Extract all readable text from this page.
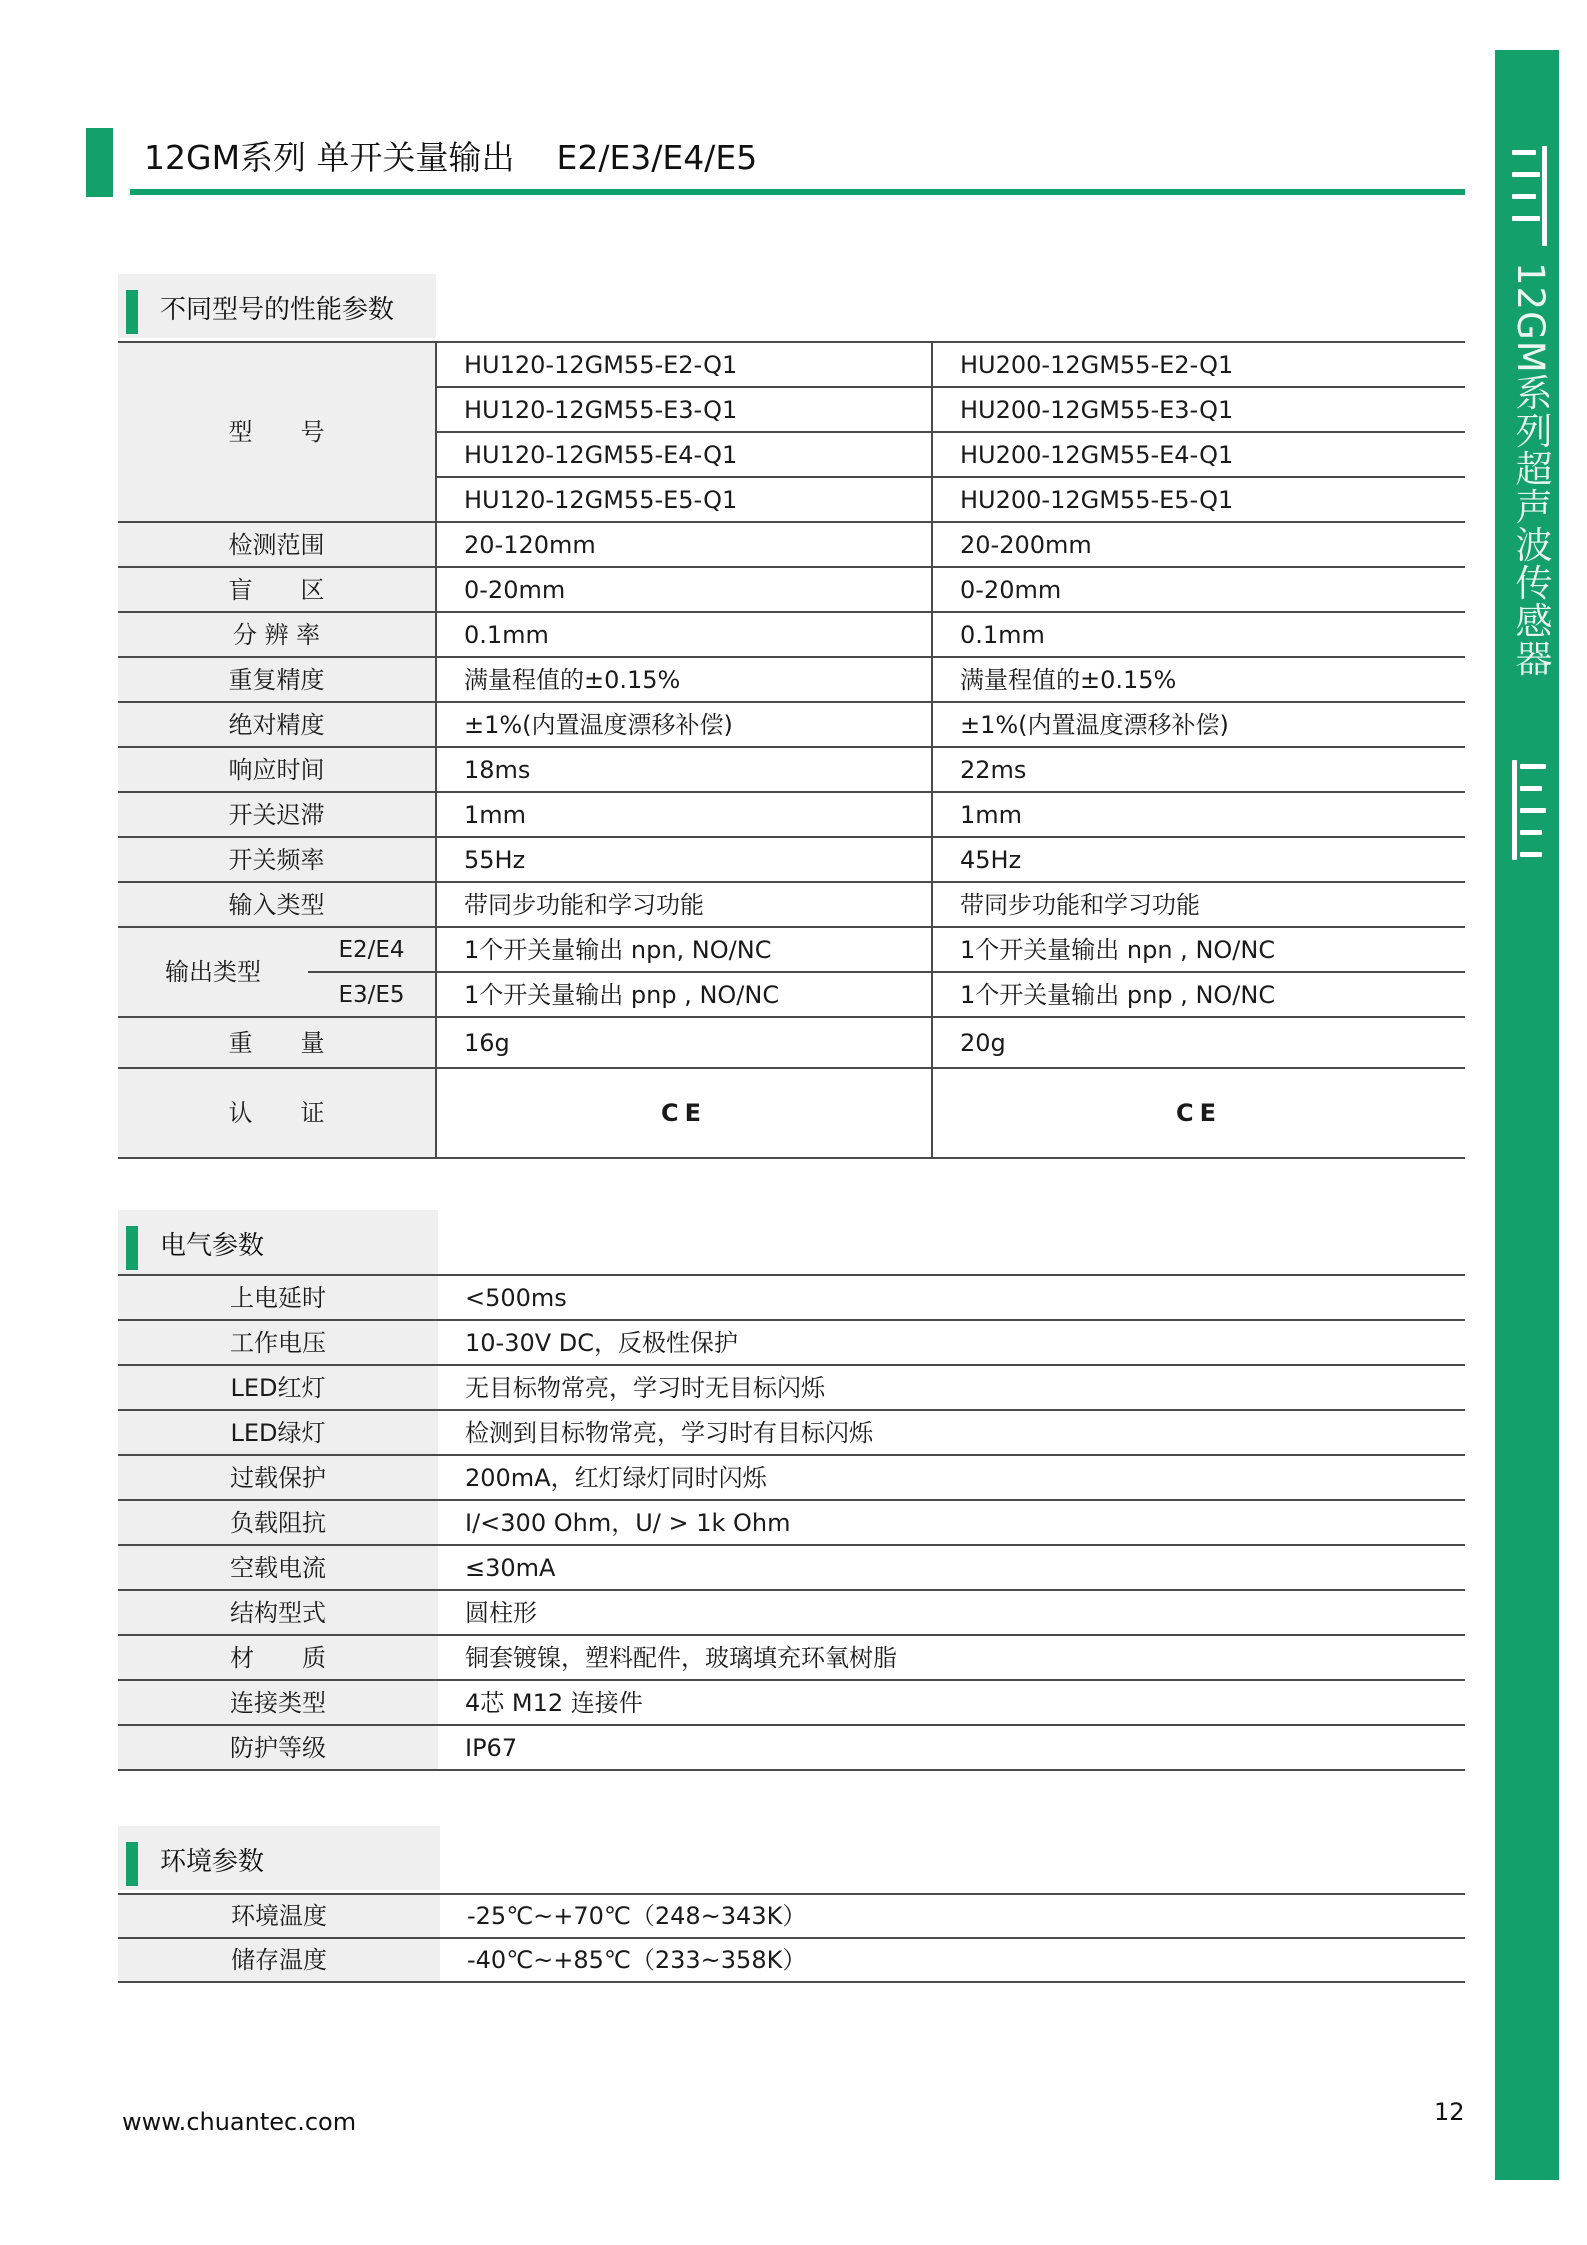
12GM系列 单开关量输出    E2/E3/E4/E5
12GM系列超声波传感器
不同型号的性能参数
型　　号		HU120-12GM55-E2-Q1	HU200-12GM55-E2-Q1
		HU120-12GM55-E3-Q1	HU200-12GM55-E3-Q1
		HU120-12GM55-E4-Q1	HU200-12GM55-E4-Q1
		HU120-12GM55-E5-Q1	HU200-12GM55-E5-Q1
检测范围		20-120mm	20-200mm
盲　　区		0-20mm	0-20mm
分 辨 率		0.1mm	0.1mm
重复精度		满量程值的±0.15%	满量程值的±0.15%
绝对精度		±1%(内置温度漂移补偿)	±1%(内置温度漂移补偿)
响应时间		18ms	22ms
开关迟滞		1mm	1mm
开关频率		55Hz	45Hz
输入类型		带同步功能和学习功能	带同步功能和学习功能
输出类型	E2/E4	1个开关量输出 npn, NO/NC	1个开关量输出 npn , NO/NC
	E3/E5	1个开关量输出 pnp , NO/NC	1个开关量输出 pnp , NO/NC
重　　量		16g	20g
认　　证		CE	CE
电气参数
上电延时	<500ms
工作电压	10-30V DC，反极性保护
LED红灯	无目标物常亮，学习时无目标闪烁
LED绿灯	检测到目标物常亮，学习时有目标闪烁
过载保护	200mA，红灯绿灯同时闪烁
负载阻抗	I/<300 Ohm，U/ > 1k Ohm
空载电流	≤30mA
结构型式	圆柱形
材　　质	铜套镀镍，塑料配件，玻璃填充环氧树脂
连接类型	4芯 M12 连接件
防护等级	IP67
环境参数
环境温度	-25℃~+70℃（248~343K）
储存温度	-40℃~+85℃（233~358K）
www.chuantec.com	12
